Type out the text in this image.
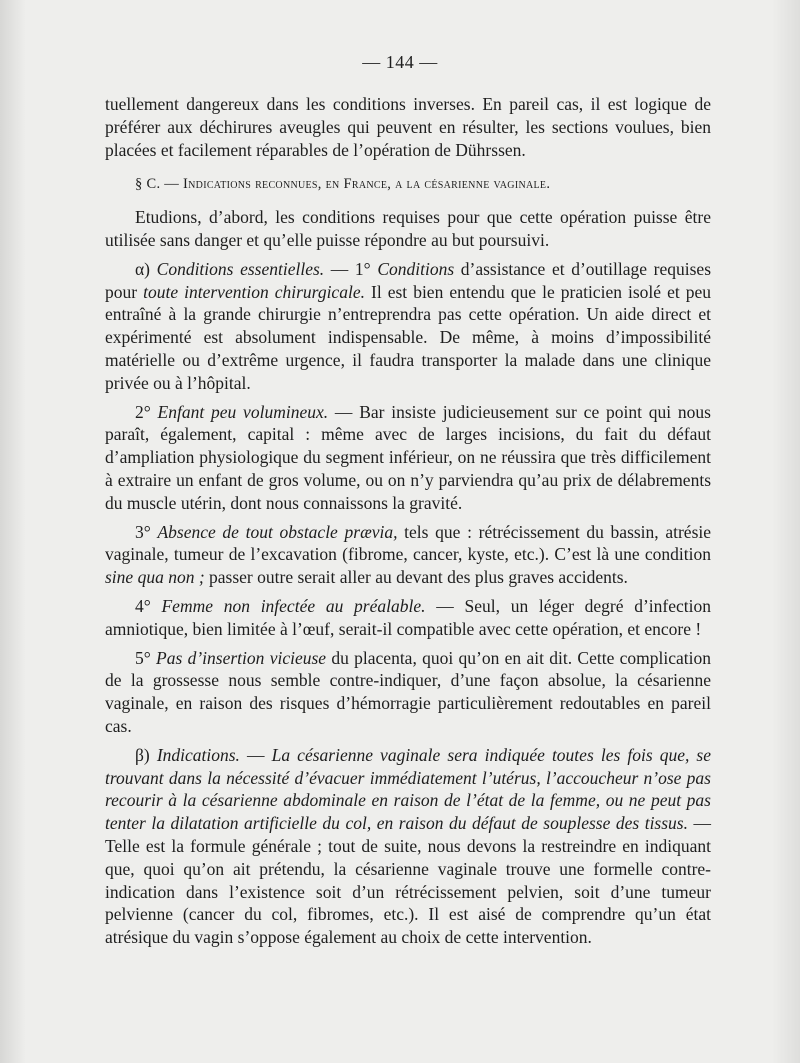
— 144 —

tuellement dangereux dans les conditions inverses. En pareil cas, il est logique de préférer aux déchirures aveugles qui peuvent en résulter, les sections voulues, bien placées et facilement réparables de l’opération de Dührssen.

§ C. — Indications reconnues, en France, a la césarienne vaginale.

Etudions, d’abord, les conditions requises pour que cette opération puisse être utilisée sans danger et qu’elle puisse répondre au but poursuivi.

α) Conditions essentielles. — 1° Conditions d’assistance et d’outillage requises pour toute intervention chirurgicale. Il est bien entendu que le praticien isolé et peu entraîné à la grande chirurgie n’entreprendra pas cette opération. Un aide direct et expérimenté est absolument indispensable. De même, à moins d’impossibilité matérielle ou d’extrême urgence, il faudra transporter la malade dans une clinique privée ou à l’hôpital.

2° Enfant peu volumineux. — Bar insiste judicieusement sur ce point qui nous paraît, également, capital : même avec de larges incisions, du fait du défaut d’ampliation physiologique du segment inférieur, on ne réussira que très difficilement à extraire un enfant de gros volume, ou on n’y parviendra qu’au prix de délabrements du muscle utérin, dont nous connaissons la gravité.

3° Absence de tout obstacle prævia, tels que : rétrécissement du bassin, atrésie vaginale, tumeur de l’excavation (fibrome, cancer, kyste, etc.). C’est là une condition sine qua non ; passer outre serait aller au devant des plus graves accidents.

4° Femme non infectée au préalable. — Seul, un léger degré d’infection amniotique, bien limitée à l’œuf, serait-il compatible avec cette opération, et encore !

5° Pas d’insertion vicieuse du placenta, quoi qu’on en ait dit. Cette complication de la grossesse nous semble contre-indiquer, d’une façon absolue, la césarienne vaginale, en raison des risques d’hémorragie particulièrement redoutables en pareil cas.

β) Indications. — La césarienne vaginale sera indiquée toutes les fois que, se trouvant dans la nécessité d’évacuer immédiatement l’utérus, l’accoucheur n’ose pas recourir à la césarienne abdominale en raison de l’état de la femme, ou ne peut pas tenter la dilatation artificielle du col, en raison du défaut de souplesse des tissus. — Telle est la formule générale ; tout de suite, nous devons la restreindre en indiquant que, quoi qu’on ait prétendu, la césarienne vaginale trouve une formelle contre-indication dans l’existence soit d’un rétrécissement pelvien, soit d’une tumeur pelvienne (cancer du col, fibromes, etc.). Il est aisé de comprendre qu’un état atrésique du vagin s’oppose également au choix de cette intervention.
